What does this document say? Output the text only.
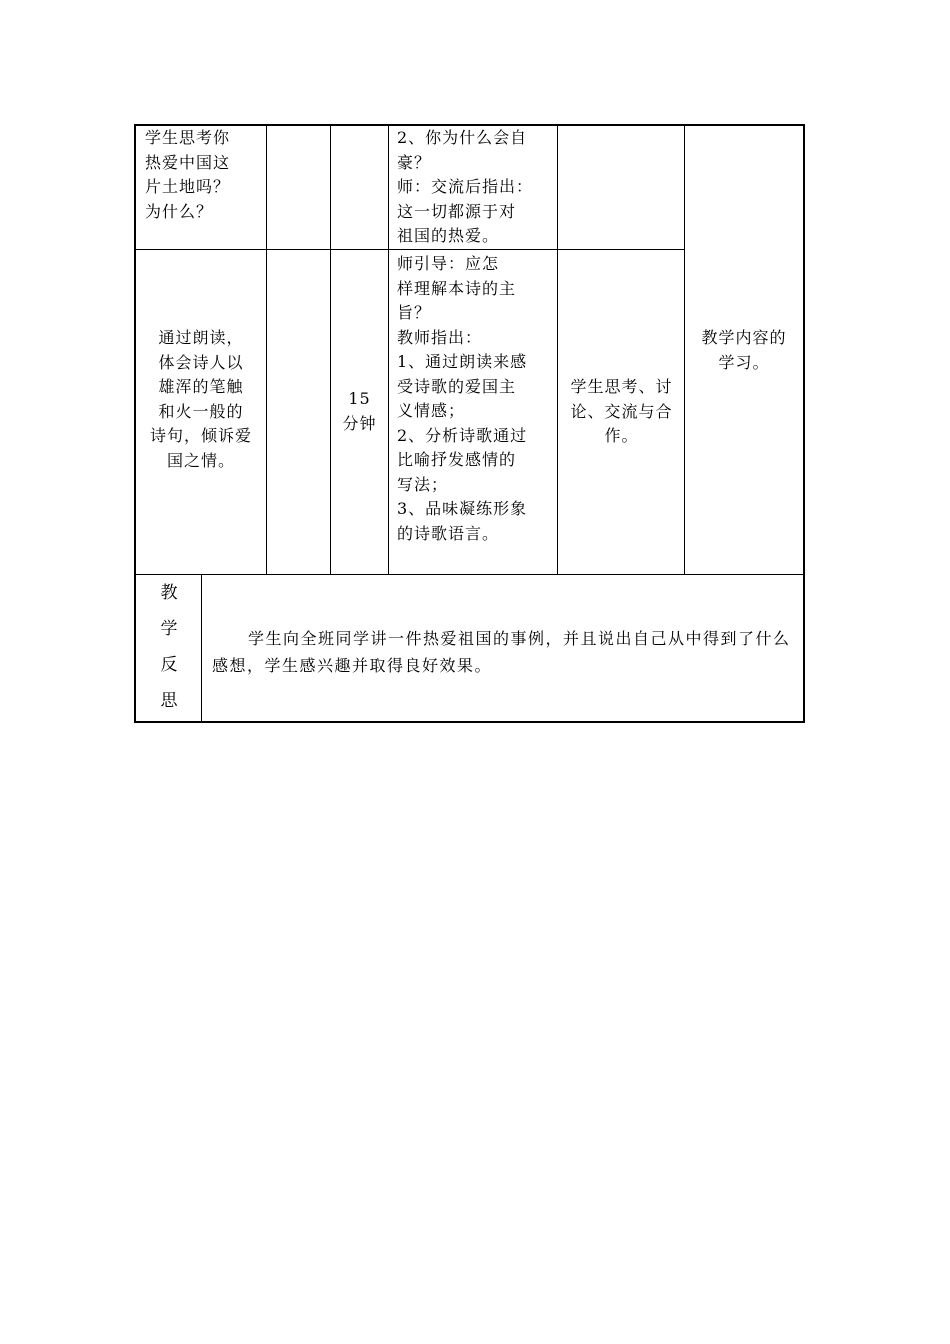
学生思考你
热爱中国这
片土地吗？
为什么？
2、你为什么会自
豪？
师：交流后指出：
这一切都源于对
祖国的热爱。
通过朗读，
体会诗人以
雄浑的笔触
和火一般的
诗句，倾诉爱
国之情。
15
分钟
师引导：应怎
样理解本诗的主
旨？
教师指出：
1、通过朗读来感
受诗歌的爱国主
义情感；
2、分析诗歌通过
比喻抒发感情的
写法；
3、品味凝练形象
的诗歌语言。
学生思考、讨
论、交流与合
作。
教学内容的
学习。
教
学
反
思
学生向全班同学讲一件热爱祖国的事例，并且说出自己从中得到了什么感想，学生感兴趣并取得良好效果。
